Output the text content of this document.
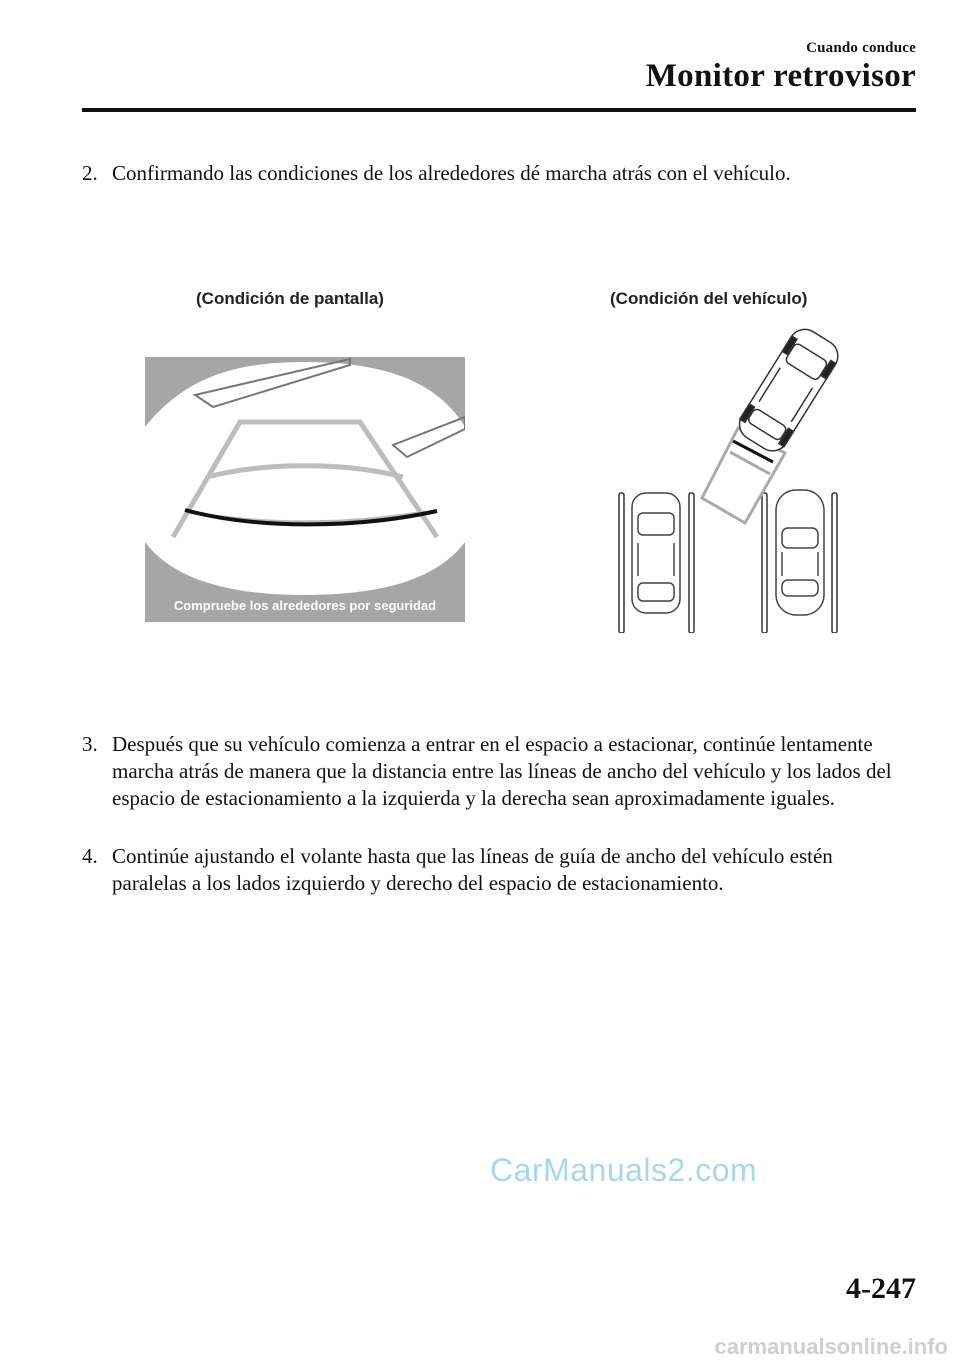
Cuando conduce
Monitor retrovisor
2. Confirmando las condiciones de los alrededores dé marcha atrás con el vehículo.
(Condición de pantalla)	(Condición del vehículo)
Compruebe los alrededores por seguridad
3. Después que su vehículo comienza a entrar en el espacio a estacionar, continúe lentamente marcha atrás de manera que la distancia entre las líneas de ancho del vehículo y los lados del espacio de estacionamiento a la izquierda y la derecha sean aproximadamente iguales.
4. Continúe ajustando el volante hasta que las líneas de guía de ancho del vehículo estén paralelas a los lados izquierdo y derecho del espacio de estacionamiento.
CarManuals2.com
4-247
carmanualsonline.info
